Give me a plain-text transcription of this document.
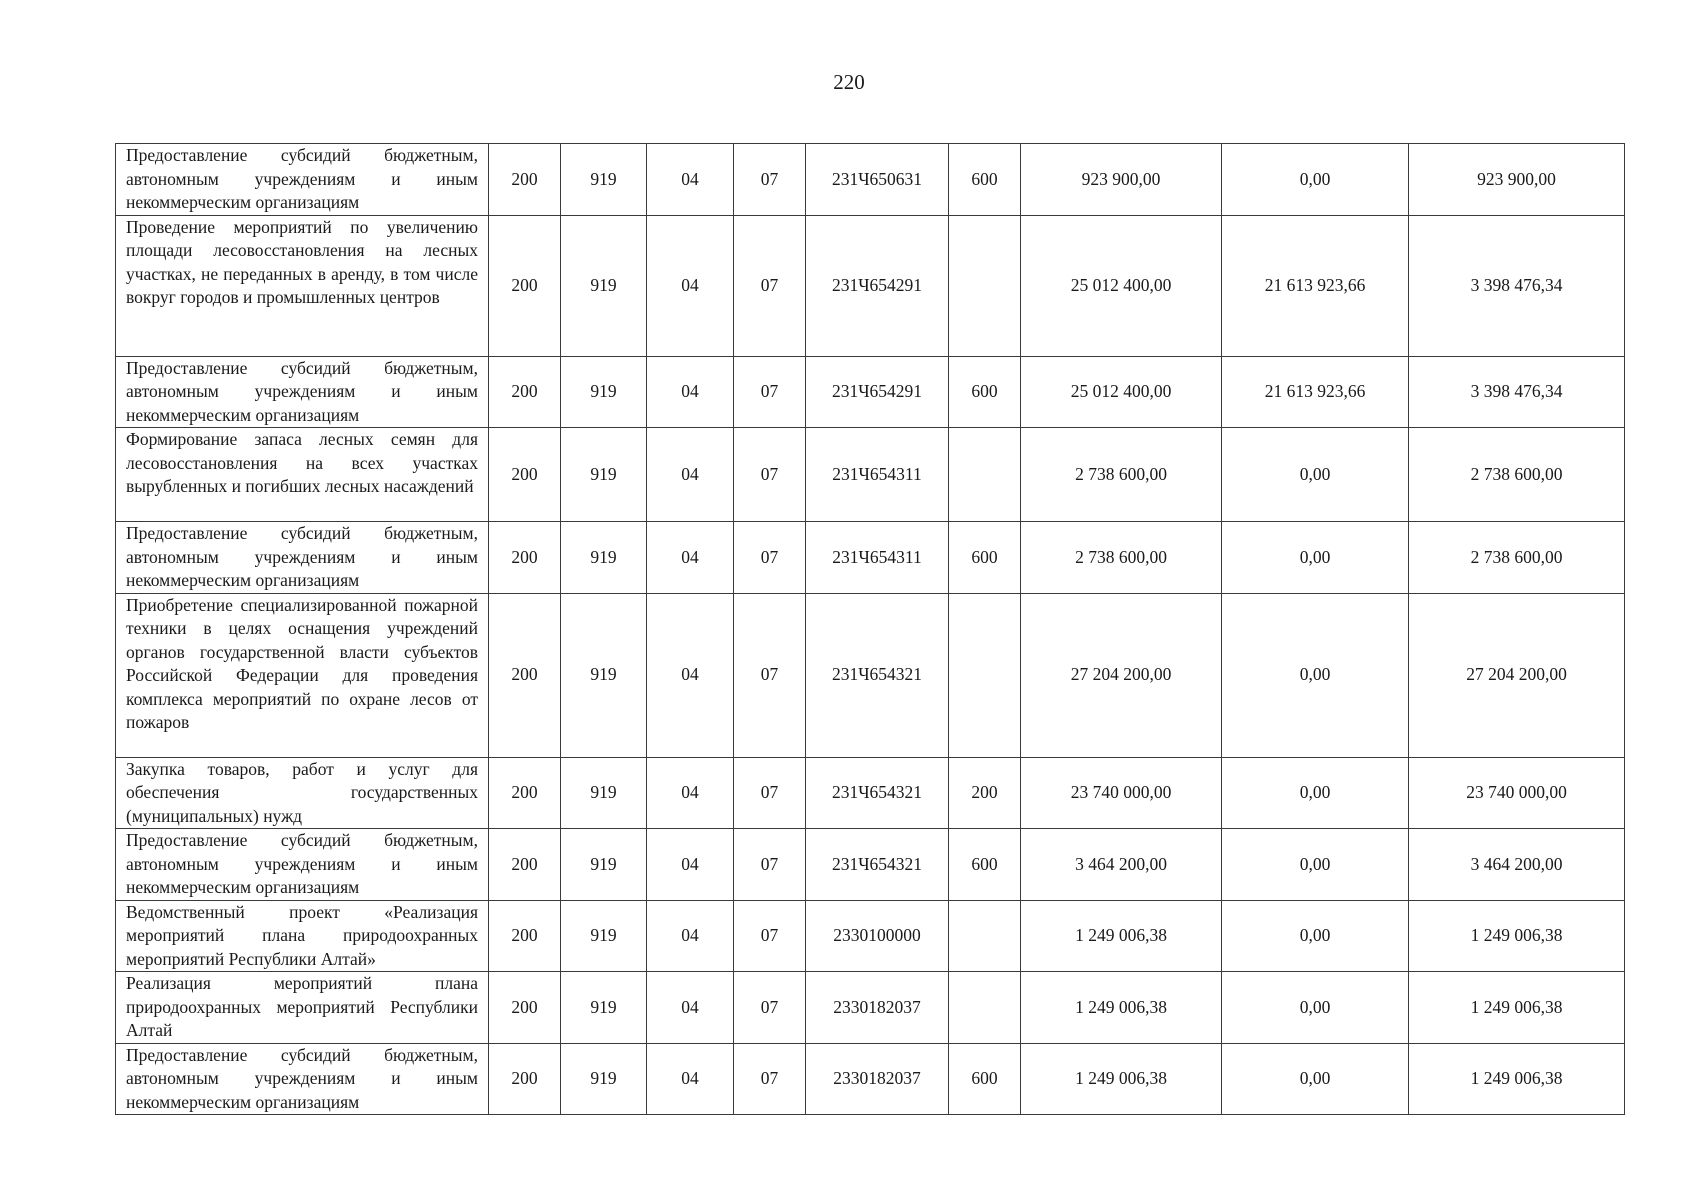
220
Предоставление субсидий бюджетным, автономным учреждениям и иным некоммерческим организациям	200	919	04	07	231Ч650631	600	923 900,00	0,00	923 900,00
Проведение мероприятий по увеличению площади лесовосстановления на лесных участках, не переданных в аренду, в том числе вокруг городов и промышленных центров	200	919	04	07	231Ч654291		25 012 400,00	21 613 923,66	3 398 476,34
Предоставление субсидий бюджетным, автономным учреждениям и иным некоммерческим организациям	200	919	04	07	231Ч654291	600	25 012 400,00	21 613 923,66	3 398 476,34
Формирование запаса лесных семян для лесовосстановления на всех участках вырубленных и погибших лесных насаждений	200	919	04	07	231Ч654311		2 738 600,00	0,00	2 738 600,00
Предоставление субсидий бюджетным, автономным учреждениям и иным некоммерческим организациям	200	919	04	07	231Ч654311	600	2 738 600,00	0,00	2 738 600,00
Приобретение специализированной пожарной техники в целях оснащения учреждений органов государственной власти субъектов Российской Федерации для проведения комплекса мероприятий по охране лесов от пожаров	200	919	04	07	231Ч654321		27 204 200,00	0,00	27 204 200,00
Закупка товаров, работ и услуг для обеспечения государственных (муниципальных) нужд	200	919	04	07	231Ч654321	200	23 740 000,00	0,00	23 740 000,00
Предоставление субсидий бюджетным, автономным учреждениям и иным некоммерческим организациям	200	919	04	07	231Ч654321	600	3 464 200,00	0,00	3 464 200,00
Ведомственный проект «Реализация мероприятий плана природоохранных мероприятий Республики Алтай»	200	919	04	07	2330100000		1 249 006,38	0,00	1 249 006,38
Реализация мероприятий плана природоохранных мероприятий Республики Алтай	200	919	04	07	2330182037		1 249 006,38	0,00	1 249 006,38
Предоставление субсидий бюджетным, автономным учреждениям и иным некоммерческим организациям	200	919	04	07	2330182037	600	1 249 006,38	0,00	1 249 006,38
